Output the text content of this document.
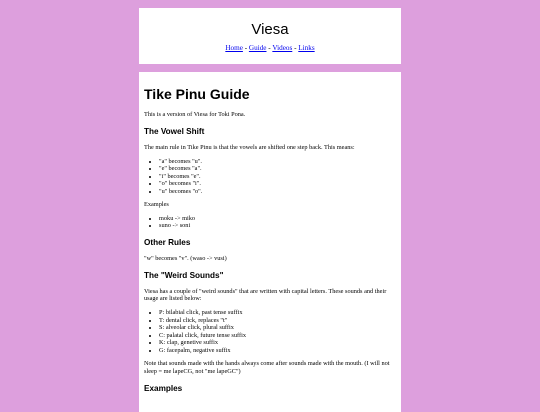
Viesa
Home - Guide - Videos - Links
Tike Pinu Guide

This is a version of Viesa for Toki Pona.

The Vowel Shift

The main rule in Tike Pinu is that the vowels are shifted one step back. This means:

• "a" becomes "u".
• "e" becomes "a".
• "i" becomes "e".
• "o" becomes "i".
• "u" becomes "o".

Examples

• moku -> miko
• suno -> soni
Other Rules

"w" becomes "v". (waso -> vusi)

The "Weird Sounds"

Viesa has a couple of "weird sounds" that are written with capital letters. These sounds and their usage are listed below:

• P: bilabial click, past tense suffix
• T: dental click, replaces "t"
• S: alveolar click, plural suffix
• C: palatal click, future tense suffix
• K: clap, genetive suffix
• G: facepalm, negative suffix

Note that sounds made with the hands always come after sounds made with the mouth. (I will not sleep = me lapeCG, not "me lapeGC")

Examples
